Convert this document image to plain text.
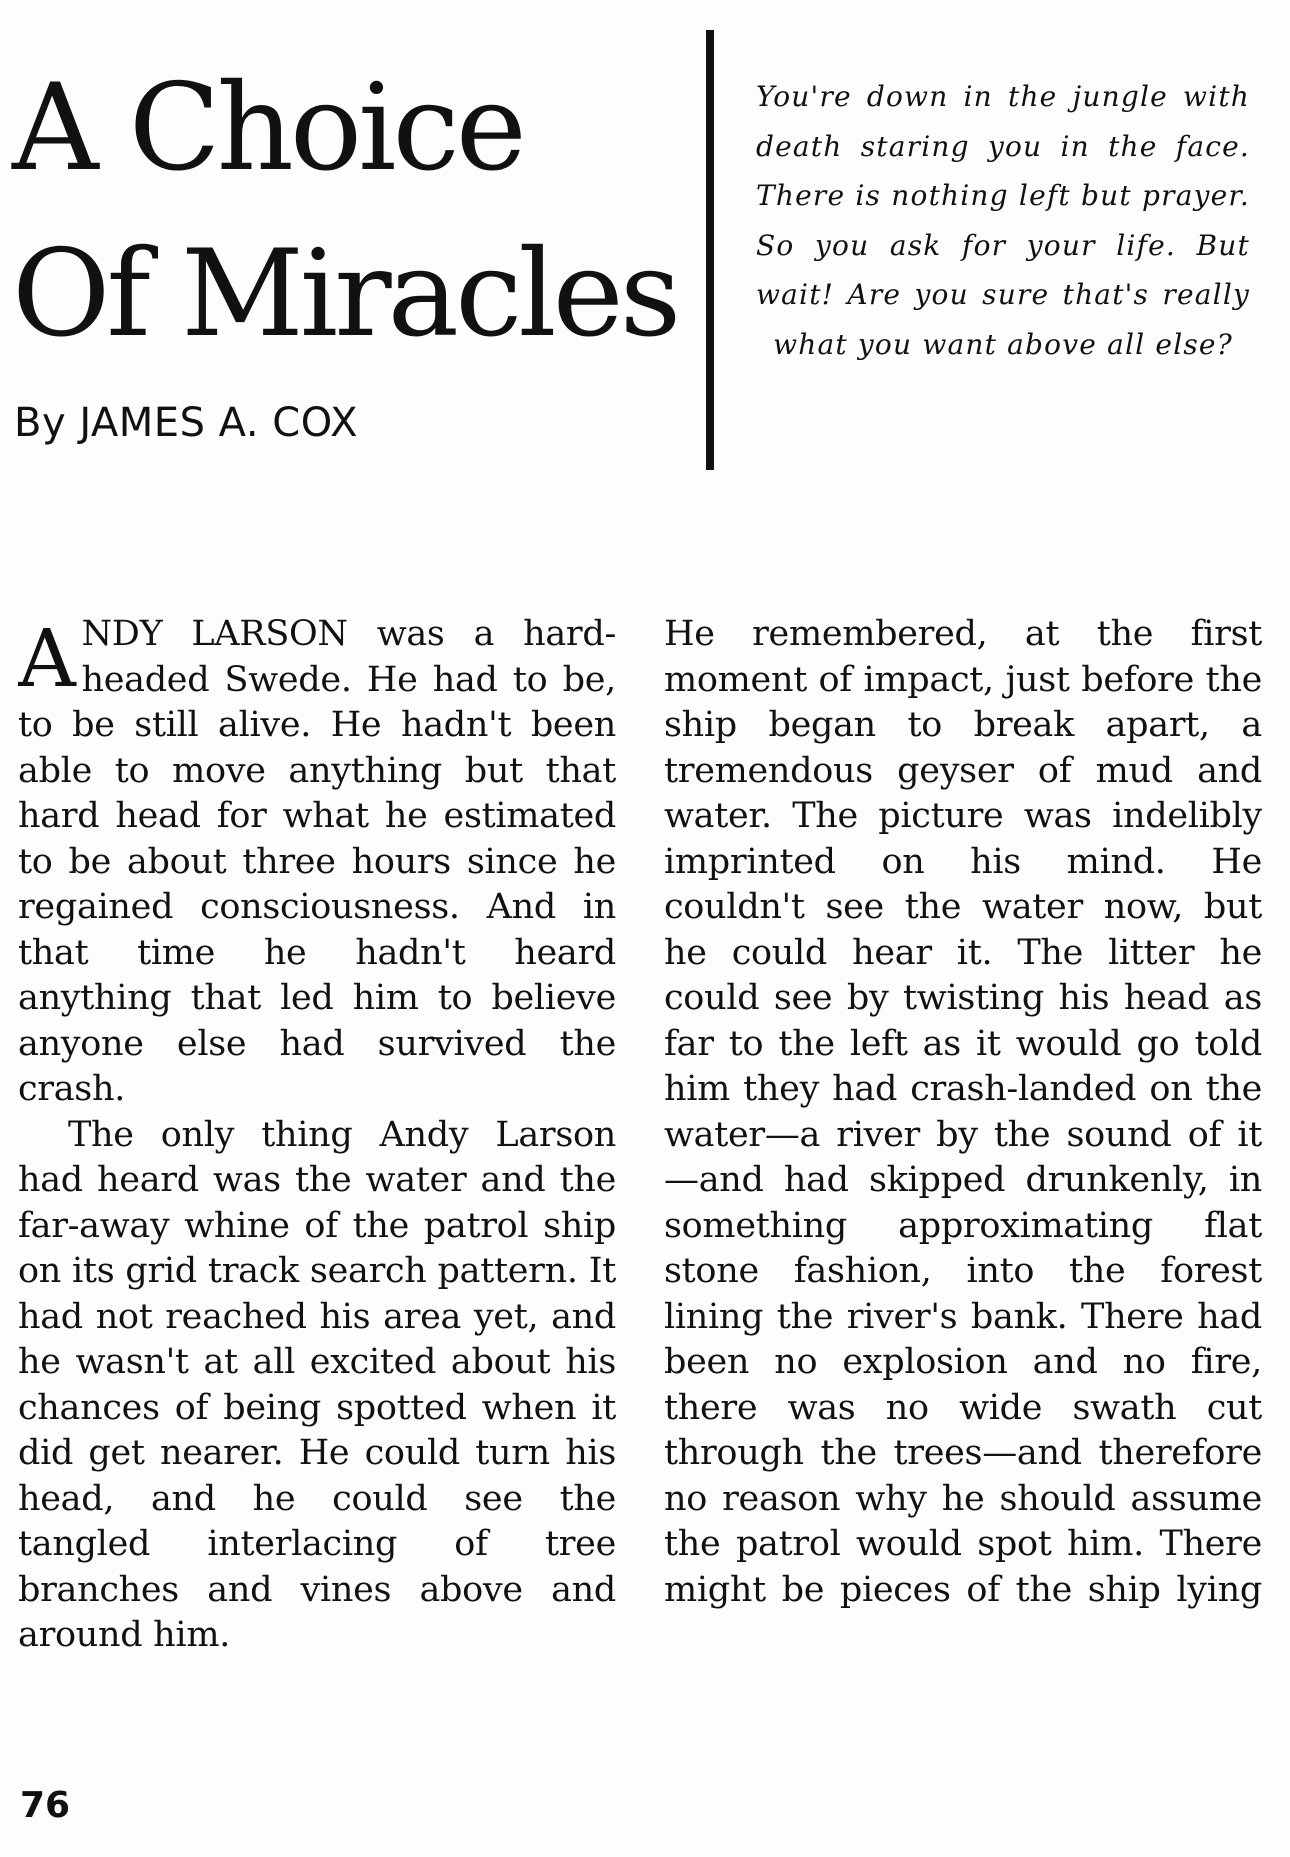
A Choice
Of Miracles
By JAMES A. COX

You're down in the jungle with death staring you in the face. There is nothing left but prayer. So you ask for your life. But wait! Are you sure that's really what you want above all else?

ANDY LARSON was a hard-headed Swede. He had to be, to be still alive. He hadn't been able to move anything but that hard head for what he estimated to be about three hours since he regained consciousness. And in that time he hadn't heard anything that led him to believe anyone else had survived the crash.

The only thing Andy Larson had heard was the water and the far-away whine of the patrol ship on its grid track search pattern. It had not reached his area yet, and he wasn't at all excited about his chances of being spotted when it did get nearer. He could turn his head, and he could see the tangled interlacing of tree branches and vines above and around him.

He remembered, at the first moment of impact, just before the ship began to break apart, a tremendous geyser of mud and water. The picture was indelibly imprinted on his mind. He couldn't see the water now, but he could hear it. The litter he could see by twisting his head as far to the left as it would go told him they had crash-landed on the water—a river by the sound of it—and had skipped drunkenly, in something approximating flat stone fashion, into the forest lining the river's bank. There had been no explosion and no fire, there was no wide swath cut through the trees—and therefore no reason why he should assume the patrol would spot him. There might be pieces of the ship lying

76
